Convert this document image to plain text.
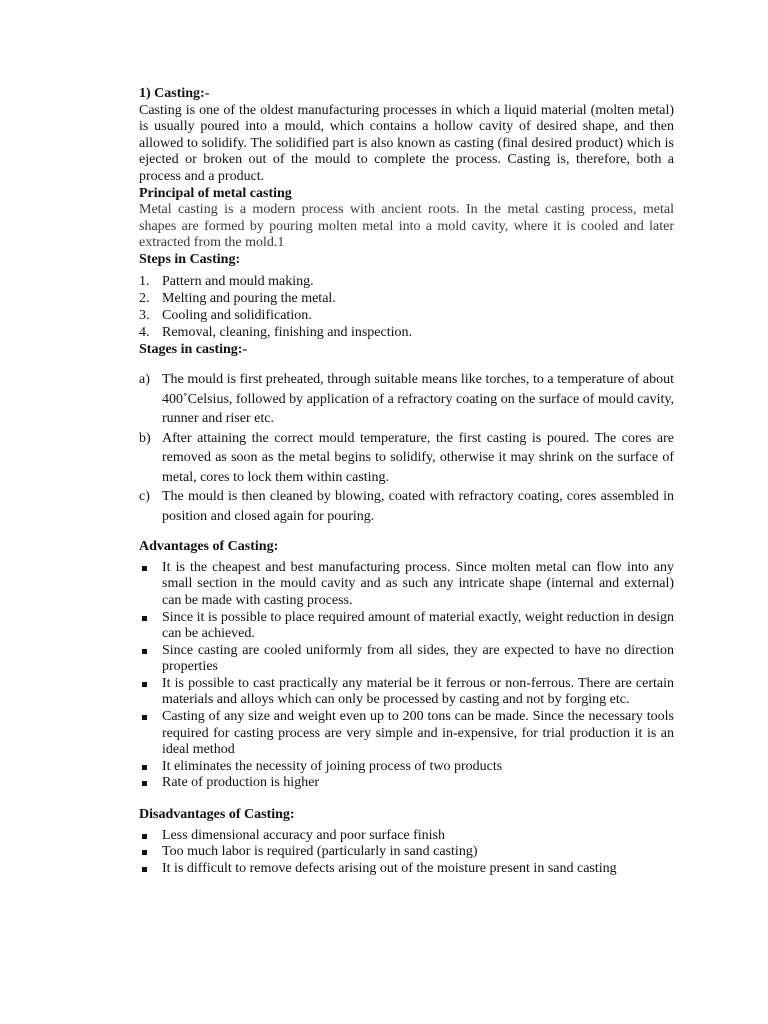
1) Casting:-

Casting is one of the oldest manufacturing processes in which a liquid material (molten metal) is usually poured into a mould, which contains a hollow cavity of desired shape, and then allowed to solidify. The solidified part is also known as casting (final desired product) which is ejected or broken out of the mould to complete the process. Casting is, therefore, both a process and a product.

Principal of metal casting

Metal casting is a modern process with ancient roots. In the metal casting process, metal shapes are formed by pouring molten metal into a mold cavity, where it is cooled and later extracted from the mold.1

Steps in Casting:
1. Pattern and mould making.
2. Melting and pouring the metal.
3. Cooling and solidification.
4. Removal, cleaning, finishing and inspection.
Stages in casting:-
a) The mould is first preheated, through suitable means like torches, to a temperature of about 400˚Celsius, followed by application of a refractory coating on the surface of mould cavity, runner and riser etc.
b) After attaining the correct mould temperature, the first casting is poured. The cores are removed as soon as the metal begins to solidify, otherwise it may shrink on the surface of metal, cores to lock them within casting.
c) The mould is then cleaned by blowing, coated with refractory coating, cores assembled in position and closed again for pouring.
Advantages of Casting:
It is the cheapest and best manufacturing process. Since molten metal can flow into any small section in the mould cavity and as such any intricate shape (internal and external) can be made with casting process.
Since it is possible to place required amount of material exactly, weight reduction in design can be achieved.
Since casting are cooled uniformly from all sides, they are expected to have no direction properties
It is possible to cast practically any material be it ferrous or non-ferrous. There are certain materials and alloys which can only be processed by casting and not by forging etc.
Casting of any size and weight even up to 200 tons can be made. Since the necessary tools required for casting process are very simple and in-expensive, for trial production it is an ideal method
It eliminates the necessity of joining process of two products
Rate of production is higher
Disadvantages of Casting:
Less dimensional accuracy and poor surface finish
Too much labor is required (particularly in sand casting)
It is difficult to remove defects arising out of the moisture present in sand casting
